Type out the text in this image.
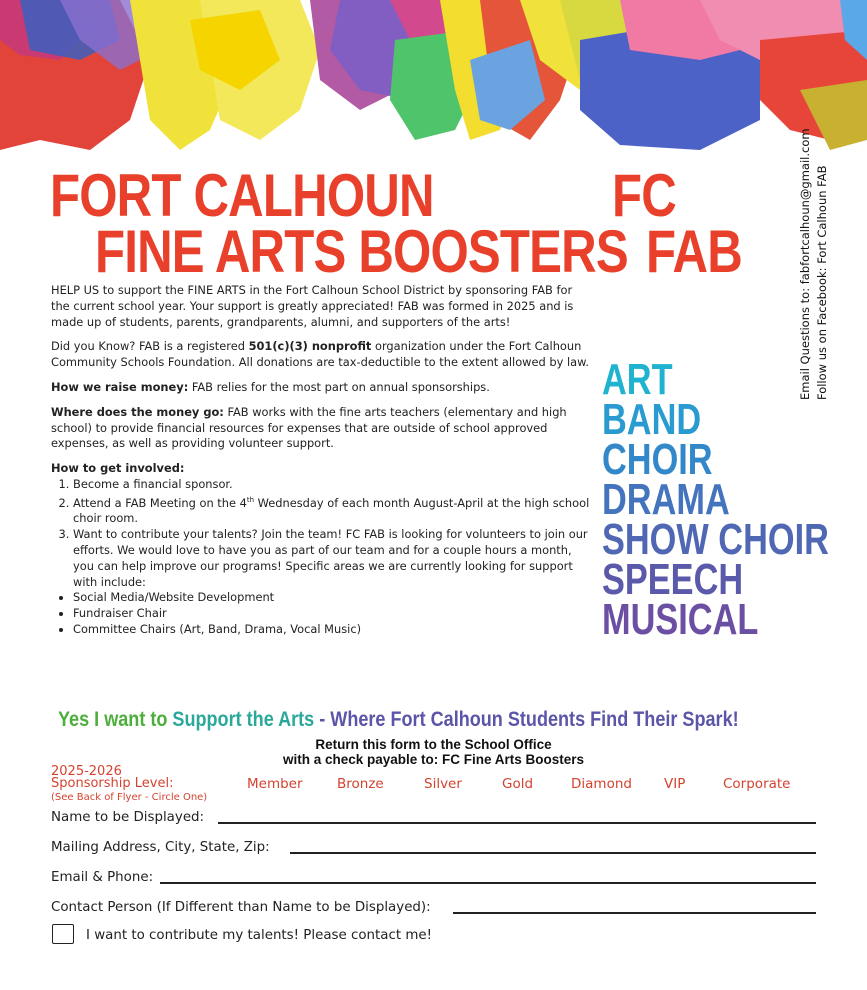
FORT CALHOUN
FINE ARTS BOOSTERS
FC
FAB	Email Questions to: fabfortcalhoun@gmail.com Follow us on Facebook: Fort Calhoun FAB

HELP US to support the FINE ARTS in the Fort Calhoun School District by sponsoring FAB for the current school year. Your support is greatly appreciated! FAB was formed in 2025 and is made up of students, parents, grandparents, alumni, and supporters of the arts!

Did you Know? FAB is a registered 501(c)(3) nonprofit organization under the Fort Calhoun Community Schools Foundation. All donations are tax-deductible to the extent allowed by law.

How we raise money: FAB relies for the most part on annual sponsorships.

Where does the money go: FAB works with the fine arts teachers (elementary and high school) to provide financial resources for expenses that are outside of school approved expenses, as well as providing volunteer support.

How to get involved:
1. Become a financial sponsor.
2. Attend a FAB Meeting on the 4th Wednesday of each month August-April at the high school choir room.
3. Want to contribute your talents? Join the team! FC FAB is looking for volunteers to join our efforts. We would love to have you as part of our team and for a couple hours a month, you can help improve our programs! Specific areas we are currently looking for support with include:
• Social Media/Website Development
• Fundraiser Chair
• Committee Chairs (Art, Band, Drama, Vocal Music)
ART
BAND
CHOIR
DRAMA
SHOW CHOIR
SPEECH
MUSICAL
Yes I want to Support the Arts - Where Fort Calhoun Students Find Their Spark!
Return this form to the School Office
with a check payable to: FC Fine Arts Boosters
2025-2026
Sponsorship Level:
(See Back of Flyer - Circle One)
Member	Bronze	Silver	Gold	Diamond VIP	Corporate
Name to be Displayed:
Mailing Address, City, State, Zip:
Email & Phone:
Contact Person (If Different than Name to be Displayed):
I want to contribute my talents! Please contact me!
